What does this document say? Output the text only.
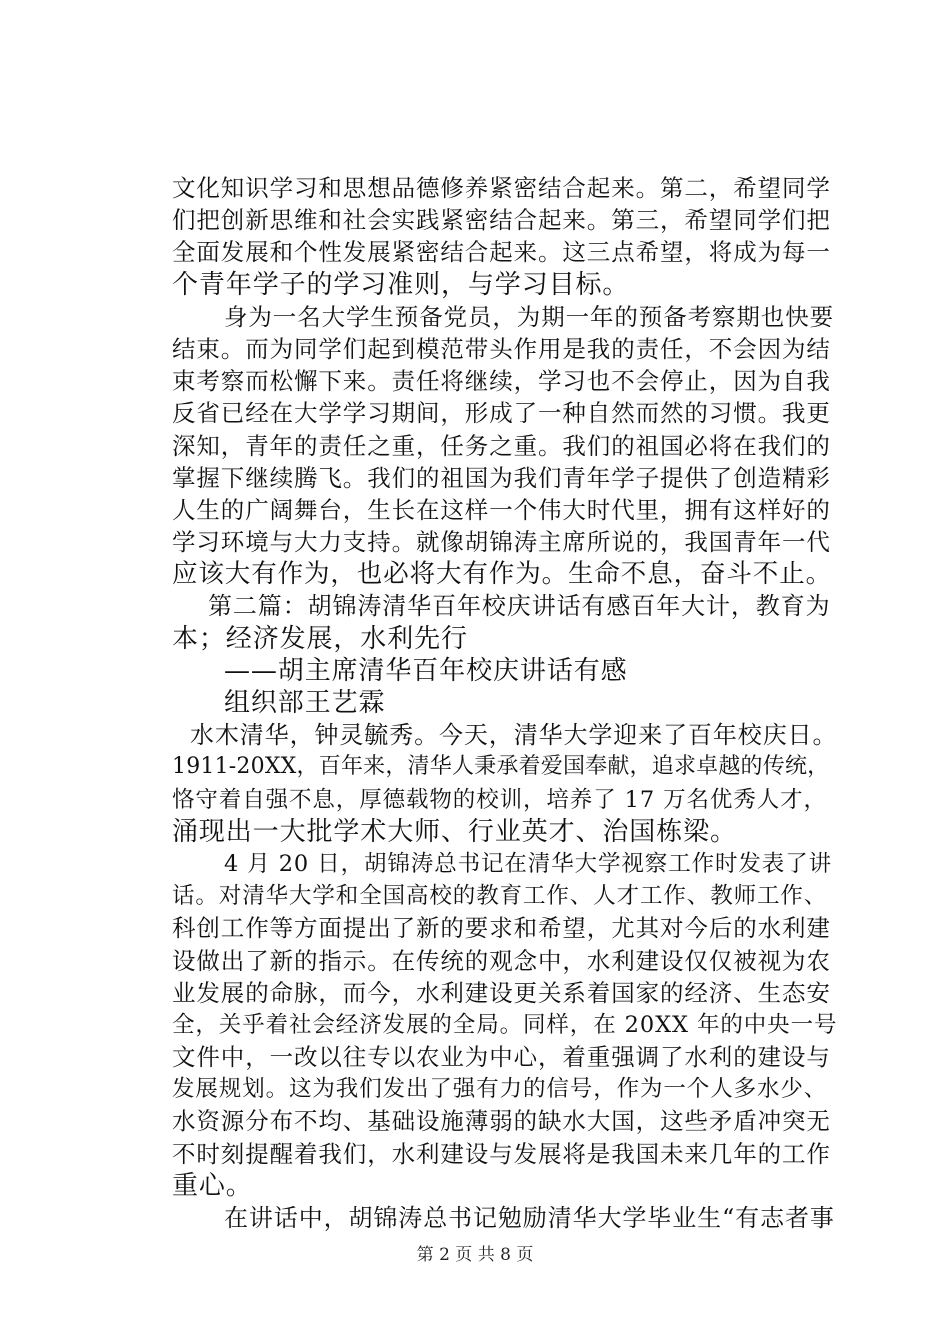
文化知识学习和思想品德修养紧密结合起来。第二，希望同学
们把创新思维和社会实践紧密结合起来。第三，希望同学们把
全面发展和个性发展紧密结合起来。这三点希望，将成为每一
个青年学子的学习准则，与学习目标。
身为一名大学生预备党员，为期一年的预备考察期也快要
结束。而为同学们起到模范带头作用是我的责任，不会因为结
束考察而松懈下来。责任将继续，学习也不会停止，因为自我
反省已经在大学学习期间，形成了一种自然而然的习惯。我更
深知，青年的责任之重，任务之重。我们的祖国必将在我们的
掌握下继续腾飞。我们的祖国为我们青年学子提供了创造精彩
人生的广阔舞台，生长在这样一个伟大时代里，拥有这样好的
学习环境与大力支持。就像胡锦涛主席所说的，我国青年一代
应该大有作为，也必将大有作为。生命不息，奋斗不止。
第二篇：胡锦涛清华百年校庆讲话有感百年大计，教育为
本；经济发展，水利先行
——胡主席清华百年校庆讲话有感
组织部王艺霖
水木清华，钟灵毓秀。今天，清华大学迎来了百年校庆日。
1911-20XX，百年来，清华人秉承着爱国奉献，追求卓越的传统，
恪守着自强不息，厚德载物的校训，培养了 17 万名优秀人才，
涌现出一大批学术大师、行业英才、治国栋梁。
4 月 20 日，胡锦涛总书记在清华大学视察工作时发表了讲
话。对清华大学和全国高校的教育工作、人才工作、教师工作、
科创工作等方面提出了新的要求和希望，尤其对今后的水利建
设做出了新的指示。在传统的观念中，水利建设仅仅被视为农
业发展的命脉，而今，水利建设更关系着国家的经济、生态安
全，关乎着社会经济发展的全局。同样，在 20XX 年的中央一号
文件中，一改以往专以农业为中心，着重强调了水利的建设与
发展规划。这为我们发出了强有力的信号，作为一个人多水少、
水资源分布不均、基础设施薄弱的缺水大国，这些矛盾冲突无
不时刻提醒着我们，水利建设与发展将是我国未来几年的工作
重心。
在讲话中，胡锦涛总书记勉励清华大学毕业生“有志者事
第 2 页 共 8 页
